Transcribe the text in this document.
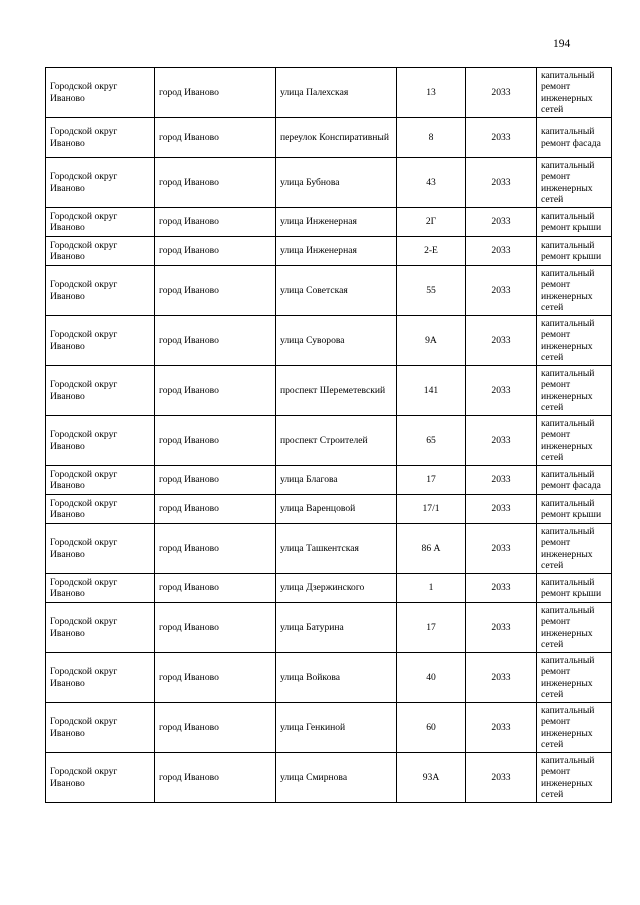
194
Городской округ Иваново	город Иваново	улица Палехская	13	2033	капитальный ремонт инженерных сетей
Городской округ Иваново	город Иваново	переулок Конспиративный	8	2033	капитальный ремонт фасада
Городской округ Иваново	город Иваново	улица Бубнова	43	2033	капитальный ремонт инженерных сетей
Городской округ Иваново	город Иваново	улица Инженерная	2Г	2033	капитальный ремонт крыши
Городской округ Иваново	город Иваново	улица Инженерная	2-Е	2033	капитальный ремонт крыши
Городской округ Иваново	город Иваново	улица Советская	55	2033	капитальный ремонт инженерных сетей
Городской округ Иваново	город Иваново	улица Суворова	9А	2033	капитальный ремонт инженерных сетей
Городской округ Иваново	город Иваново	проспект Шереметевский	141	2033	капитальный ремонт инженерных сетей
Городской округ Иваново	город Иваново	проспект Строителей	65	2033	капитальный ремонт инженерных сетей
Городской округ Иваново	город Иваново	улица Благова	17	2033	капитальный ремонт фасада
Городской округ Иваново	город Иваново	улица Варенцовой	17/1	2033	капитальный ремонт крыши
Городской округ Иваново	город Иваново	улица Ташкентская	86 А	2033	капитальный ремонт инженерных сетей
Городской округ Иваново	город Иваново	улица Дзержинского	1	2033	капитальный ремонт крыши
Городской округ Иваново	город Иваново	улица Батурина	17	2033	капитальный ремонт инженерных сетей
Городской округ Иваново	город Иваново	улица Войкова	40	2033	капитальный ремонт инженерных сетей
Городской округ Иваново	город Иваново	улица Генкиной	60	2033	капитальный ремонт инженерных сетей
Городской округ Иваново	город Иваново	улица Смирнова	93А	2033	капитальный ремонт инженерных сетей
